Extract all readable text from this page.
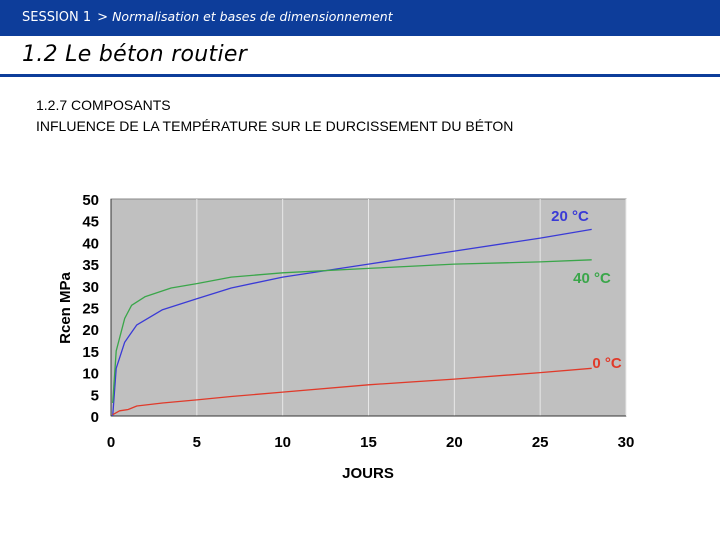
SESSION 1 > Normalisation et bases de dimensionnement
1.2 Le béton routier
1.2.7 COMPOSANTS
INFLUENCE DE LA TEMPÉRATURE SUR LE DURCISSEMENT DU BÉTON
0
5
10
15
20
25
30
35
40
45
50
0	5	10	15	20	25	30
JOURS
Rcen MPa
20 °C
40 °C
0 °C
